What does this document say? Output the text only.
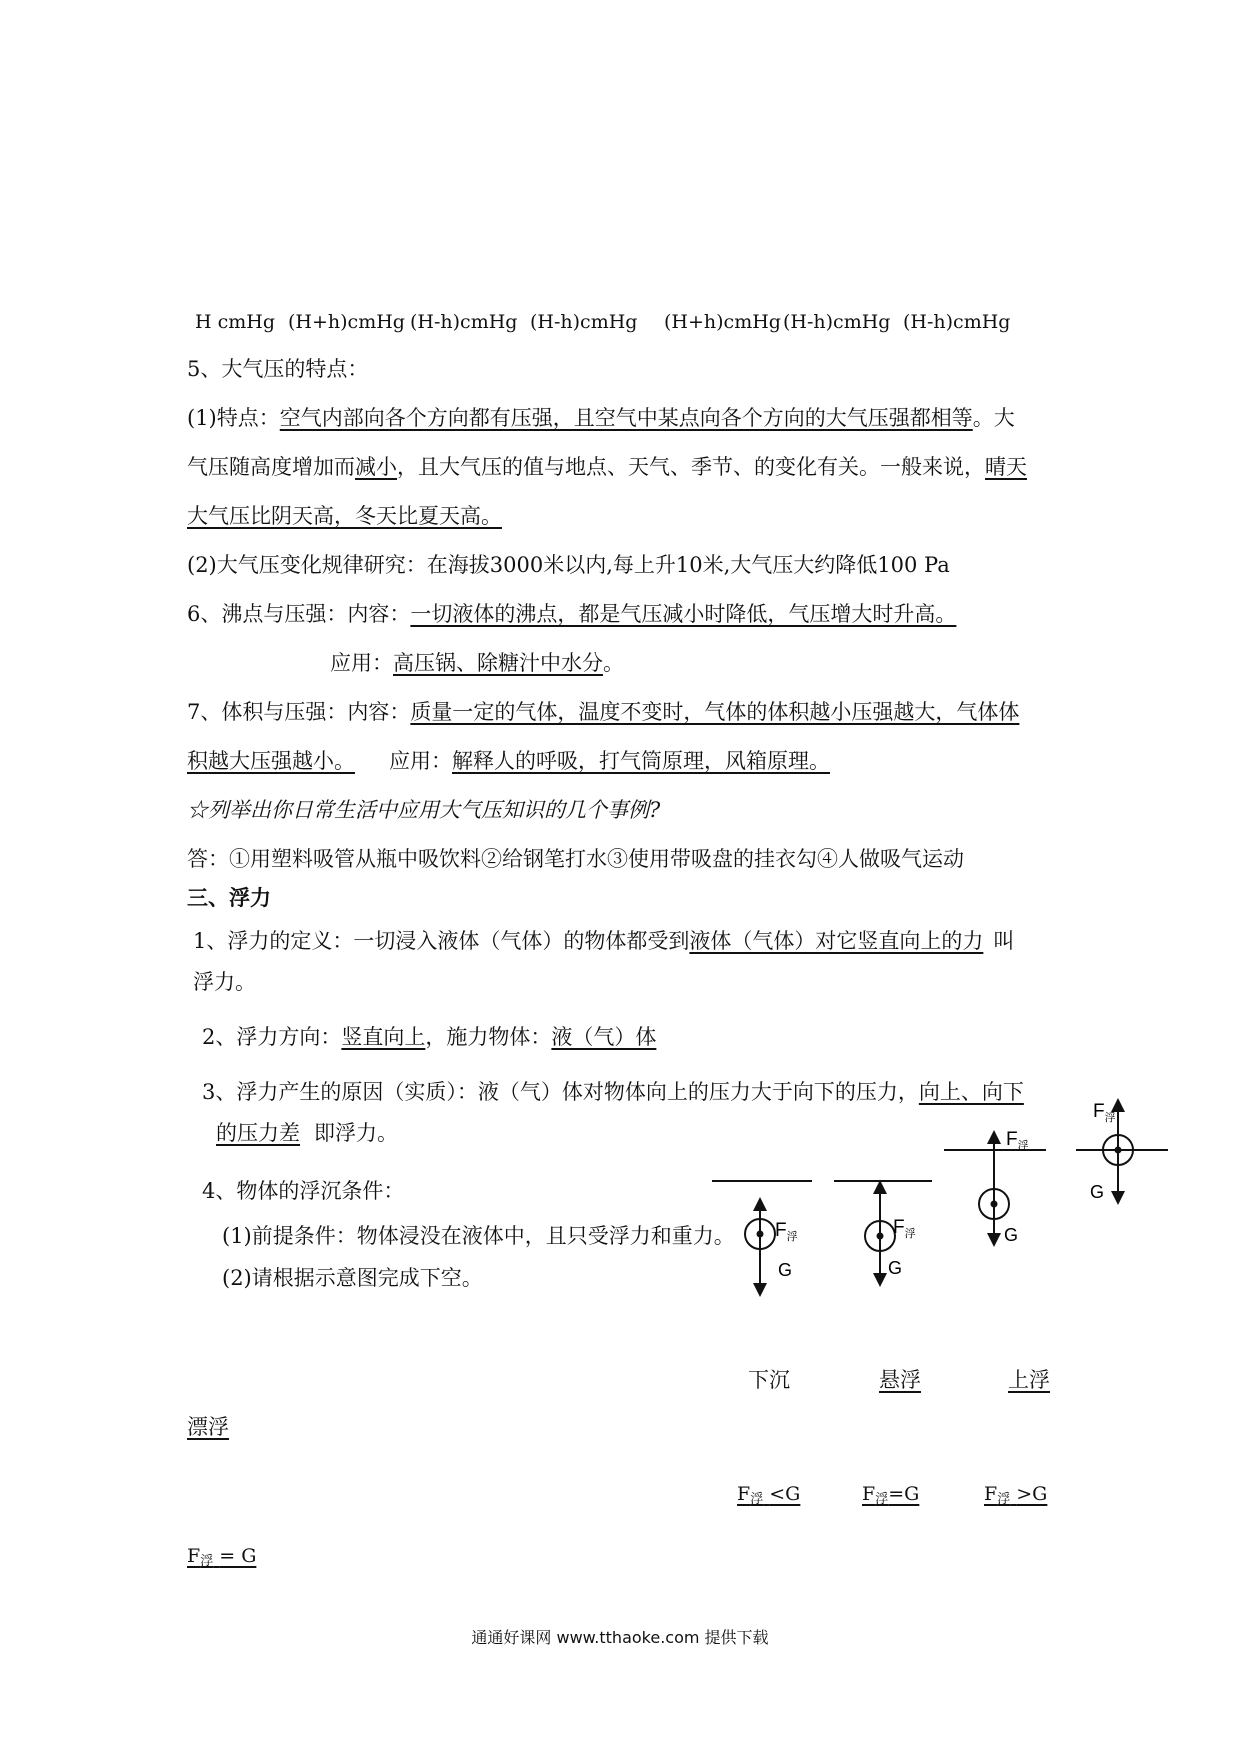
H cmHg (H+h)cmHg (H-h)cmHg (H-h)cmHg (H+h)cmHg (H-h)cmHg (H-h)cmHg
5、大气压的特点：
(1)特点：空气内部向各个方向都有压强，且空气中某点向各个方向的大气压强都相等。大
气压随高度增加而减小，且大气压的值与地点、天气、季节、的变化有关。一般来说，晴天
大气压比阴天高，冬天比夏天高。
(2)大气压变化规律研究：在海拔3000米以内,每上升10米,大气压大约降低100 Pa
6、沸点与压强：内容：一切液体的沸点，都是气压减小时降低，气压增大时升高。
应用：高压锅、除糖汁中水分。
7、体积与压强：内容：质量一定的气体，温度不变时，气体的体积越小压强越大，气体体
积越大压强越小。 应用：解释人的呼吸，打气筒原理，风箱原理。
☆列举出你日常生活中应用大气压知识的几个事例?
答：①用塑料吸管从瓶中吸饮料②给钢笔打水③使用带吸盘的挂衣勾④人做吸气运动
三、浮力
1、浮力的定义：一切浸入液体（气体）的物体都受到液体（气体）对它竖直向上的力 叫
浮力。
2、浮力方向：竖直向上，施力物体：液（气）体
3、浮力产生的原因（实质）：液（气）体对物体向上的压力大于向下的压力，向上、向下
的压力差 即浮力。
4、物体的浮沉条件：
(1)前提条件：物体浸没在液体中，且只受浮力和重力。
(2)请根据示意图完成下空。
$F_浮$
G
$F_浮$
G
$F_浮$
G
$F_浮$
G
下沉	悬浮	上浮
漂浮
$F_浮 <G$	$F_浮=G$	$F_浮 >G$
$F_浮 = G$
通通好课网 www.tthaoke.com 提供下载
